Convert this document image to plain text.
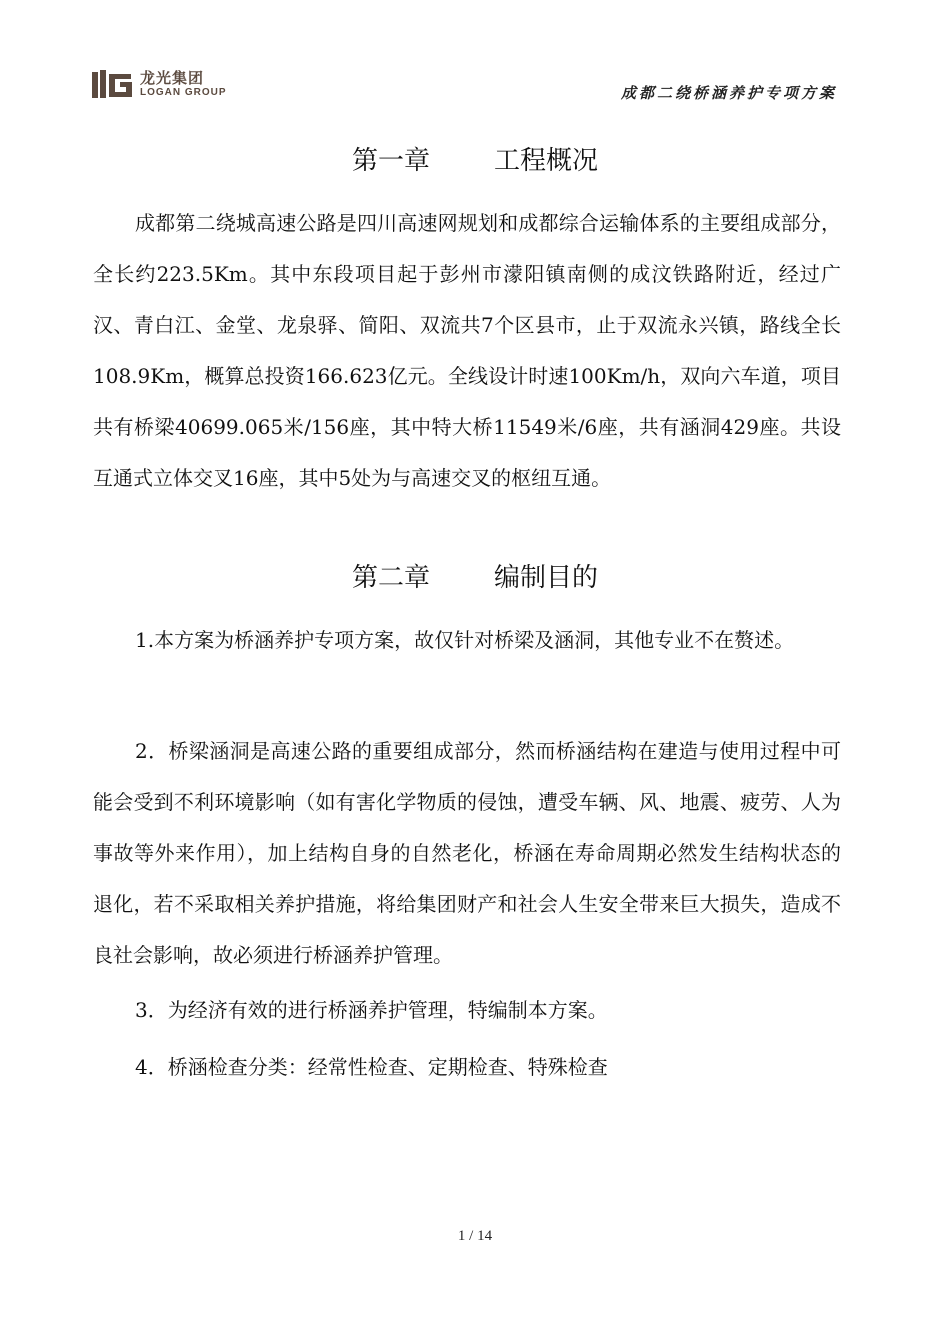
龙光集团
LOGAN GROUP	成都二绕桥涵养护专项方案
第一章 工程概况
成都第二绕城高速公路是四川高速网规划和成都综合运输体系的主要组成部分，全长约223.5Km。其中东段项目起于彭州市濛阳镇南侧的成汶铁路附近，经过广汉、青白江、金堂、龙泉驿、简阳、双流共7个区县市，止于双流永兴镇，路线全长108.9Km，概算总投资166.623亿元。全线设计时速100Km/h，双向六车道，项目共有桥梁40699.065米/156座，其中特大桥11549米/6座，共有涵洞429座。共设互通式立体交叉16座，其中5处为与高速交叉的枢纽互通。
第二章 编制目的
1.本方案为桥涵养护专项方案，故仅针对桥梁及涵洞，其他专业不在赘述。
2．桥梁涵洞是高速公路的重要组成部分，然而桥涵结构在建造与使用过程中可能会受到不利环境影响（如有害化学物质的侵蚀，遭受车辆、风、地震、疲劳、人为事故等外来作用），加上结构自身的自然老化，桥涵在寿命周期必然发生结构状态的退化，若不采取相关养护措施，将给集团财产和社会人生安全带来巨大损失，造成不良社会影响，故必须进行桥涵养护管理。
3．为经济有效的进行桥涵养护管理，特编制本方案。
4．桥涵检查分类：经常性检查、定期检查、特殊检查
1 / 14
